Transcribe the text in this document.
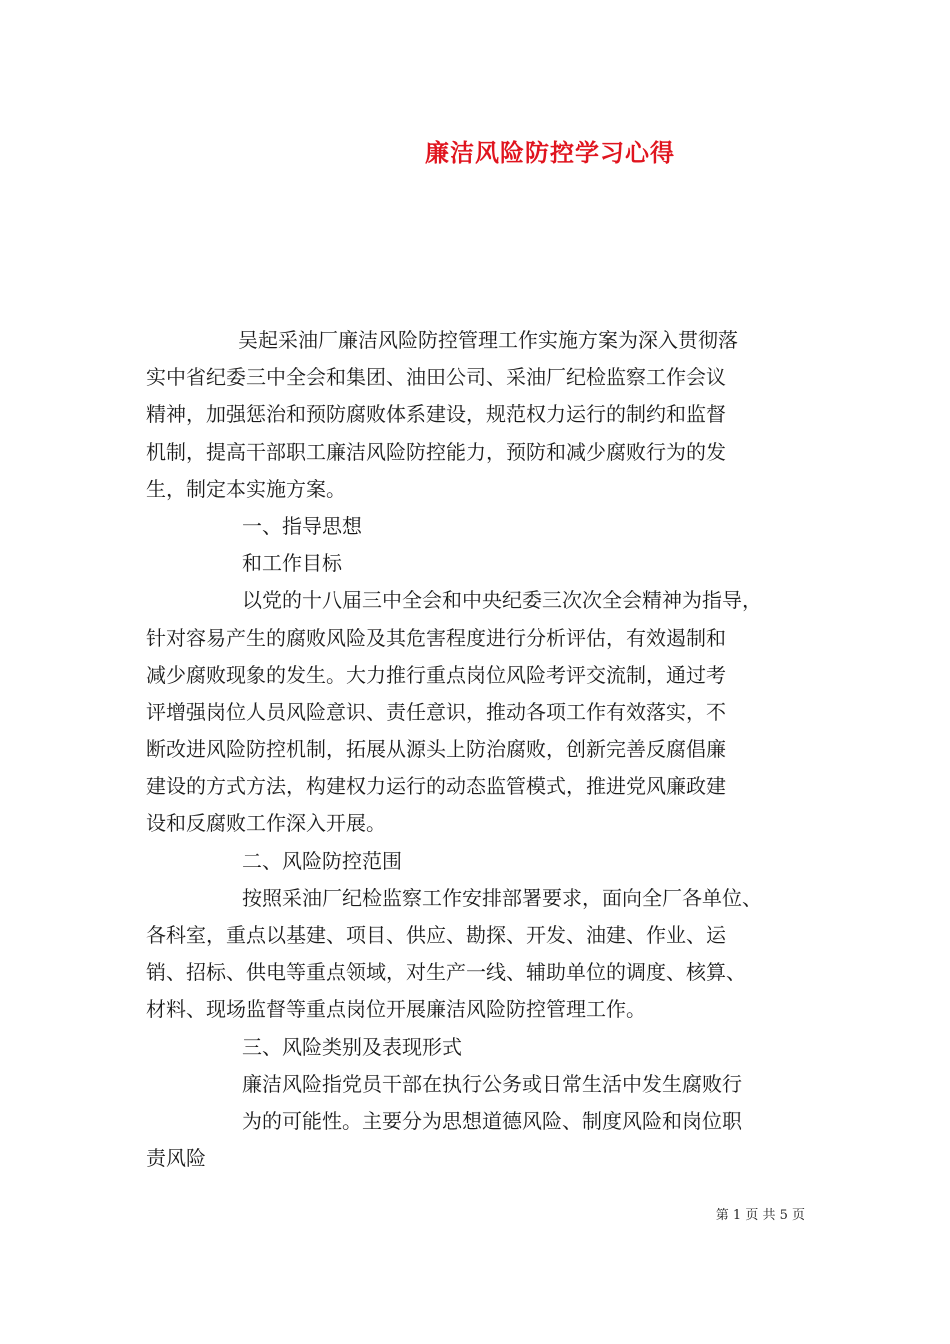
廉洁风险防控学习心得
吴起采油厂廉洁风险防控管理工作实施方案为深入贯彻落
实中省纪委三中全会和集团、油田公司、采油厂纪检监察工作会议
精神，加强惩治和预防腐败体系建设，规范权力运行的制约和监督
机制，提高干部职工廉洁风险防控能力，预防和减少腐败行为的发
生，制定本实施方案。
一、指导思想
和工作目标
以党的十八届三中全会和中央纪委三次次全会精神为指导，
针对容易产生的腐败风险及其危害程度进行分析评估，有效遏制和
减少腐败现象的发生。大力推行重点岗位风险考评交流制，通过考
评增强岗位人员风险意识、责任意识，推动各项工作有效落实，不
断改进风险防控机制，拓展从源头上防治腐败，创新完善反腐倡廉
建设的方式方法，构建权力运行的动态监管模式，推进党风廉政建
设和反腐败工作深入开展。
二、风险防控范围
按照采油厂纪检监察工作安排部署要求，面向全厂各单位、
各科室，重点以基建、项目、供应、勘探、开发、油建、作业、运
销、招标、供电等重点领域，对生产一线、辅助单位的调度、核算、
材料、现场监督等重点岗位开展廉洁风险防控管理工作。
三、风险类别及表现形式
廉洁风险指党员干部在执行公务或日常生活中发生腐败行
为的可能性。主要分为思想道德风险、制度风险和岗位职
责风险
第 1 页 共 5 页
